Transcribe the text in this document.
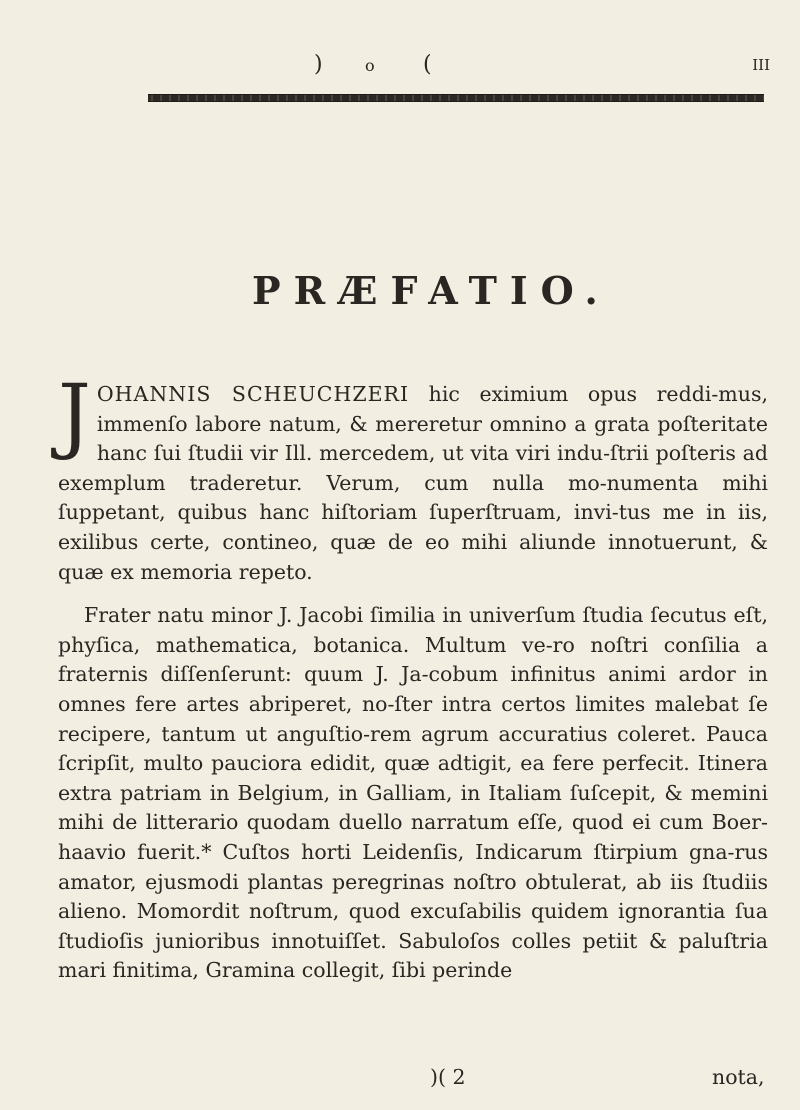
)	o (	III
PRÆFATIO.

JOHANNIS SCHEUCHZERI hic eximium opus reddi-mus, immenſo labore natum, & mereretur omnino a grata poſteritate hanc ſui ſtudii vir Ill. mercedem, ut vita viri indu-ſtrii poſteris ad exemplum traderetur. Verum, cum nulla mo-numenta mihi ſuppetant, quibus hanc hiſtoriam ſuperſtruam, invi-tus me in iis, exilibus certe, contineo, quæ de eo mihi aliunde innotuerunt, & quæ ex memoria repeto.

Frater natu minor J. Jacobi ſimilia in univerſum ſtudia ſecutus eſt, phyſica, mathematica, botanica. Multum ve-ro noſtri conſilia a fraternis diſſenſerunt: quum J. Ja-cobum infinitus animi ardor in omnes fere artes abriperet, no-ſter intra certos limites malebat ſe recipere, tantum ut anguſtio-rem agrum accuratius coleret. Pauca ſcripſit, multo pauciora edidit, quæ adtigit, ea fere perfecit. Itinera extra patriam in Belgium, in Galliam, in Italiam ſuſcepit, & memini mihi de litterario quodam duello narratum eſſe, quod ei cum Boer-haavio fuerit.* Cuſtos horti Leidenſis, Indicarum ſtirpium gna-rus amator, ejusmodi plantas peregrinas noſtro obtulerat, ab iis ſtudiis alieno. Momordit noſtrum, quod excuſabilis quidem ignorantia ſua ſtudioſis junioribus innotuiſſet. Sabuloſos colles petiit & paluſtria mari finitima, Gramina collegit, ſibi perinde

)( 2	nota,
